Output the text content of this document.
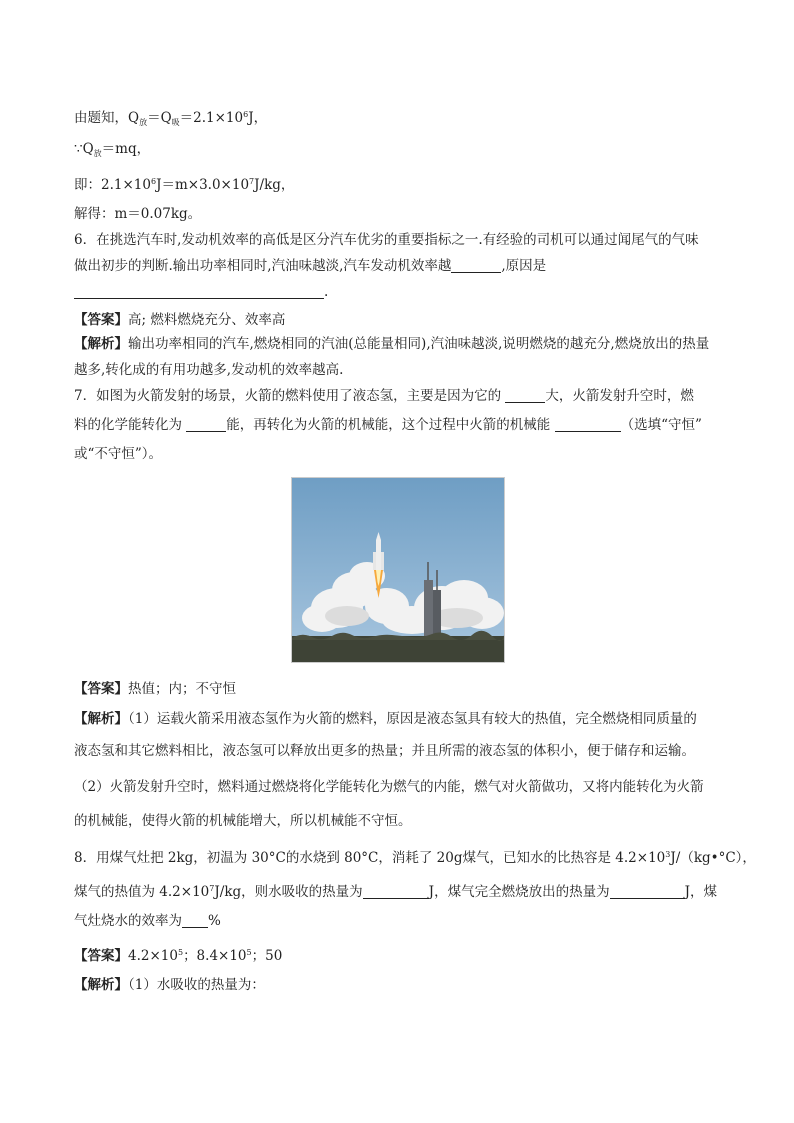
由题知，$Q_放=Q_吸=2.1\times 10^6J$，
$\because Q_放=mq$，
即：$2.1\times 10^6J=m\times 3.0\times 10^7J/kg$，
解得：m＝0.07kg。
6．在挑选汽车时,发动机效率的高低是区分汽车优劣的重要指标之一.有经验的司机可以通过闻尾气的气味
做出初步的判断.输出功率相同时,汽油味越淡,汽车发动机效率越	,原因是
.
【答案】高; 燃料燃烧充分、效率高
【解析】输出功率相同的汽车,燃烧相同的汽油(总能量相同),汽油味越淡,说明燃烧的越充分,燃烧放出的热量
越多,转化成的有用功越多,发动机的效率越高.
7．如图为火箭发射的场景，火箭的燃料使用了液态氢，主要是因为它的	大，火箭发射升空时，燃
料的化学能转化为	能，再转化为火箭的机械能，这个过程中火箭的机械能	（选填“守恒”
或“不守恒”）。
【答案】热值；内；不守恒
【解析】（1）运载火箭采用液态氢作为火箭的燃料，原因是液态氢具有较大的热值，完全燃烧相同质量的
液态氢和其它燃料相比，液态氢可以释放出更多的热量；并且所需的液态氢的体积小，便于储存和运输。
（2）火箭发射升空时，燃料通过燃烧将化学能转化为燃气的内能，燃气对火箭做功，又将内能转化为火箭
的机械能，使得火箭的机械能增大，所以机械能不守恒。
8．用煤气灶把 2kg，初温为 30°C的水烧到 80°C，消耗了 20g煤气，已知水的比热容是 $4.2\times 10^3J/(kg•^\circ C)$，
煤气的热值为 $4.2\times 10^7J/kg$，则水吸收的热量为	J，煤气完全燃烧放出的热量为	J，煤
气灶烧水的效率为 %
【答案】$4.2\times 10^5$；$8.4\times 10^5$；50
【解析】（1）水吸收的热量为：
